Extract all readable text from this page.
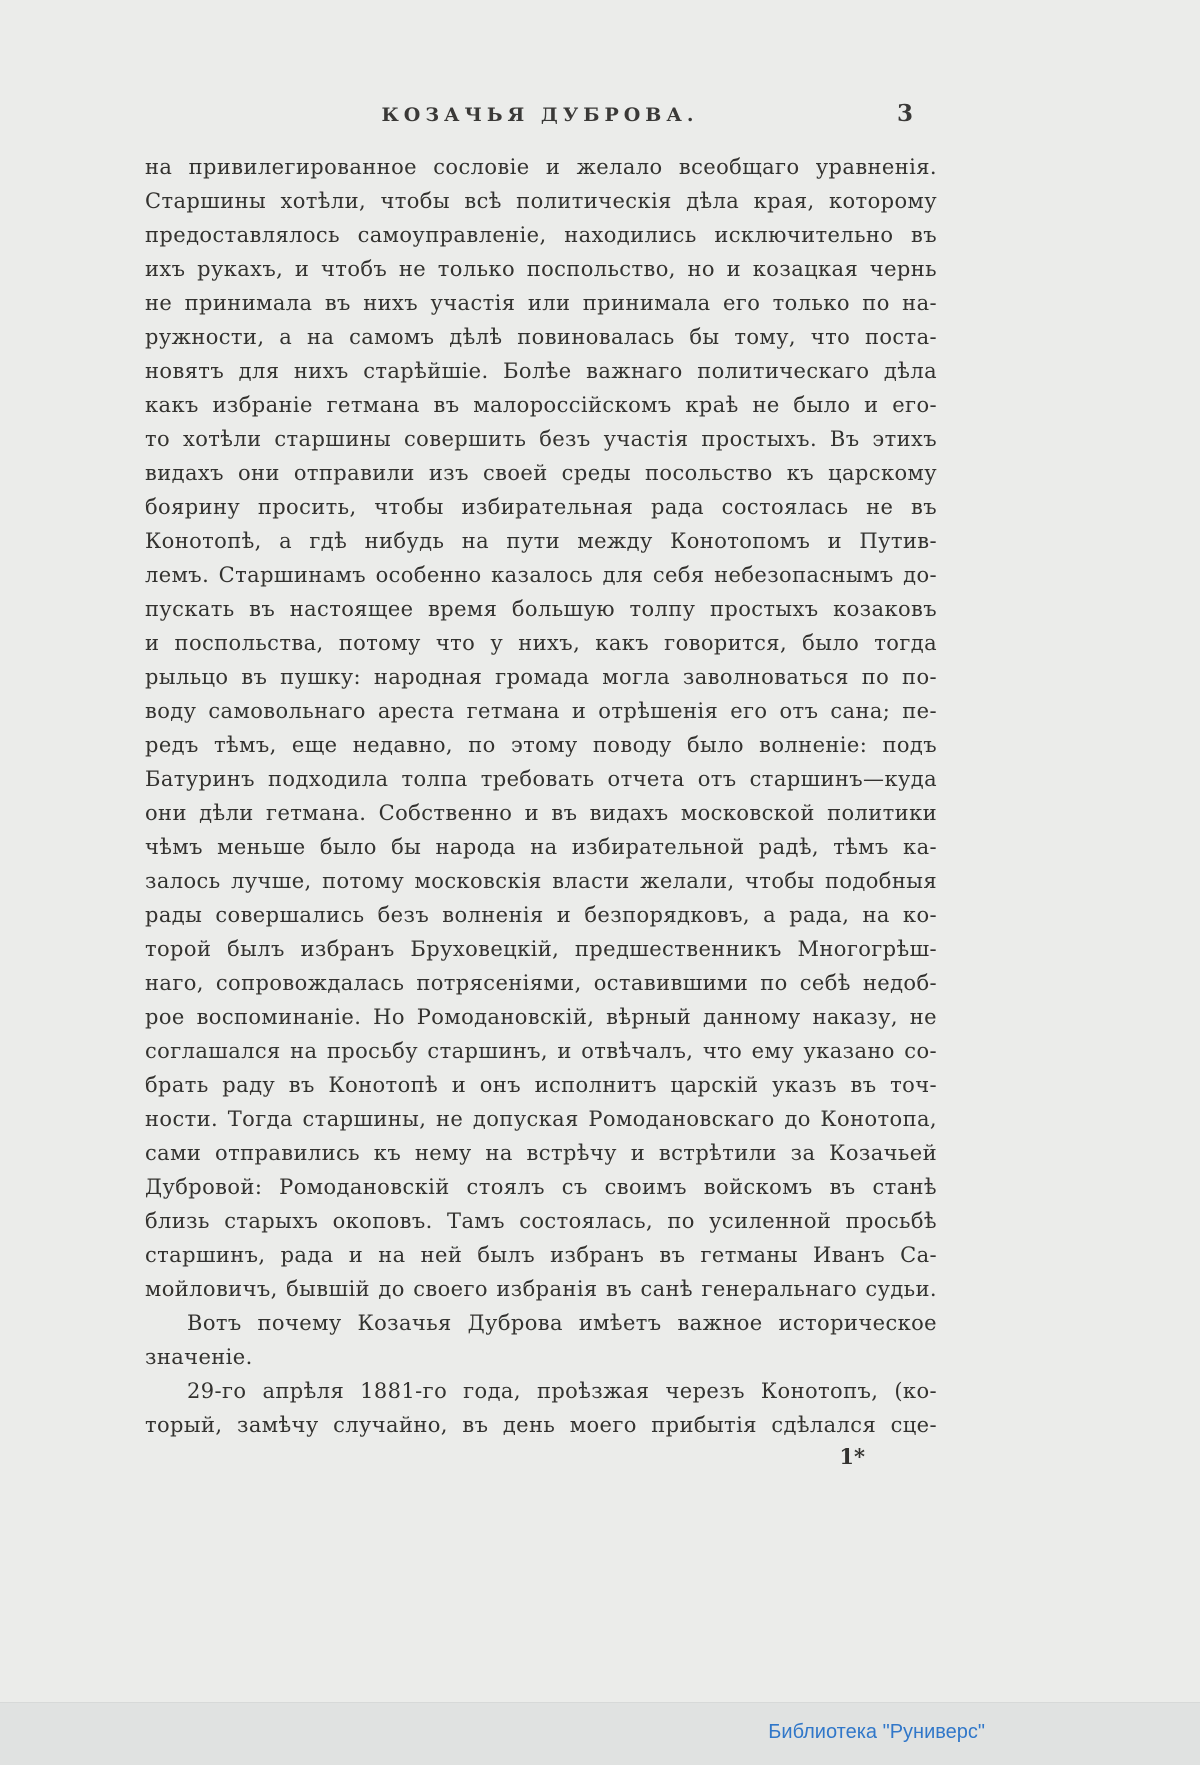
КОЗАЧЬЯ ДУБРОВА.	3
на привилегированное сословіе и желало всеобщаго уравненія.
Старшины хотѣли, чтобы всѣ политическія дѣла края, которому
предоставлялось самоуправленіе, находились исключительно въ
ихъ рукахъ, и чтобъ не только поспольство, но и козацкая чернь
не принимала въ нихъ участія или принимала его только по на-
ружности, а на самомъ дѣлѣ повиновалась бы тому, что поста-
новятъ для нихъ старѣйшіе. Болѣе важнаго политическаго дѣла
какъ избраніе гетмана въ малороссійскомъ краѣ не было и его-
то хотѣли старшины совершить безъ участія простыхъ. Въ этихъ
видахъ они отправили изъ своей среды посольство къ царскому
боярину просить, чтобы избирательная рада состоялась не въ
Конотопѣ, а гдѣ нибудь на пути между Конотопомъ и Путив-
лемъ. Старшинамъ особенно казалось для себя небезопаснымъ до-
пускать въ настоящее время большую толпу простыхъ козаковъ
и поспольства, потому что у нихъ, какъ говорится, было тогда
рыльцо въ пушку: народная громада могла заволноваться по по-
воду самовольнаго ареста гетмана и отрѣшенія его отъ сана; пе-
редъ тѣмъ, еще недавно, по этому поводу было волненіе: подъ
Батуринъ подходила толпа требовать отчета отъ старшинъ—куда
они дѣли гетмана. Собственно и въ видахъ московской политики
чѣмъ меньше было бы народа на избирательной радѣ, тѣмъ ка-
залось лучше, потому московскія власти желали, чтобы подобныя
рады совершались безъ волненія и безпорядковъ, а рада, на ко-
торой былъ избранъ Бруховецкій, предшественникъ Многогрѣш-
наго, сопровождалась потрясеніями, оставившими по себѣ недоб-
рое воспоминаніе. Но Ромодановскій, вѣрный данному наказу, не
соглашался на просьбу старшинъ, и отвѣчалъ, что ему указано со-
брать раду въ Конотопѣ и онъ исполнитъ царскій указъ въ точ-
ности. Тогда старшины, не допуская Ромодановскаго до Конотопа,
сами отправились къ нему на встрѣчу и встрѣтили за Козачьей
Дубровой: Ромодановскій стоялъ съ своимъ войскомъ въ станѣ
близь старыхъ окоповъ. Тамъ состоялась, по усиленной просьбѣ
старшинъ, рада и на ней былъ избранъ въ гетманы Иванъ Са-
мойловичъ, бывшій до своего избранія въ санѣ генеральнаго судьи.
Вотъ почему Козачья Дуброва имѣетъ важное историческое
значеніе.
29-го апрѣля 1881-го года, проѣзжая черезъ Конотопъ, (ко-
торый, замѣчу случайно, въ день моего прибытія сдѣлался сце-
1*
Библиотека "Руниверс"
